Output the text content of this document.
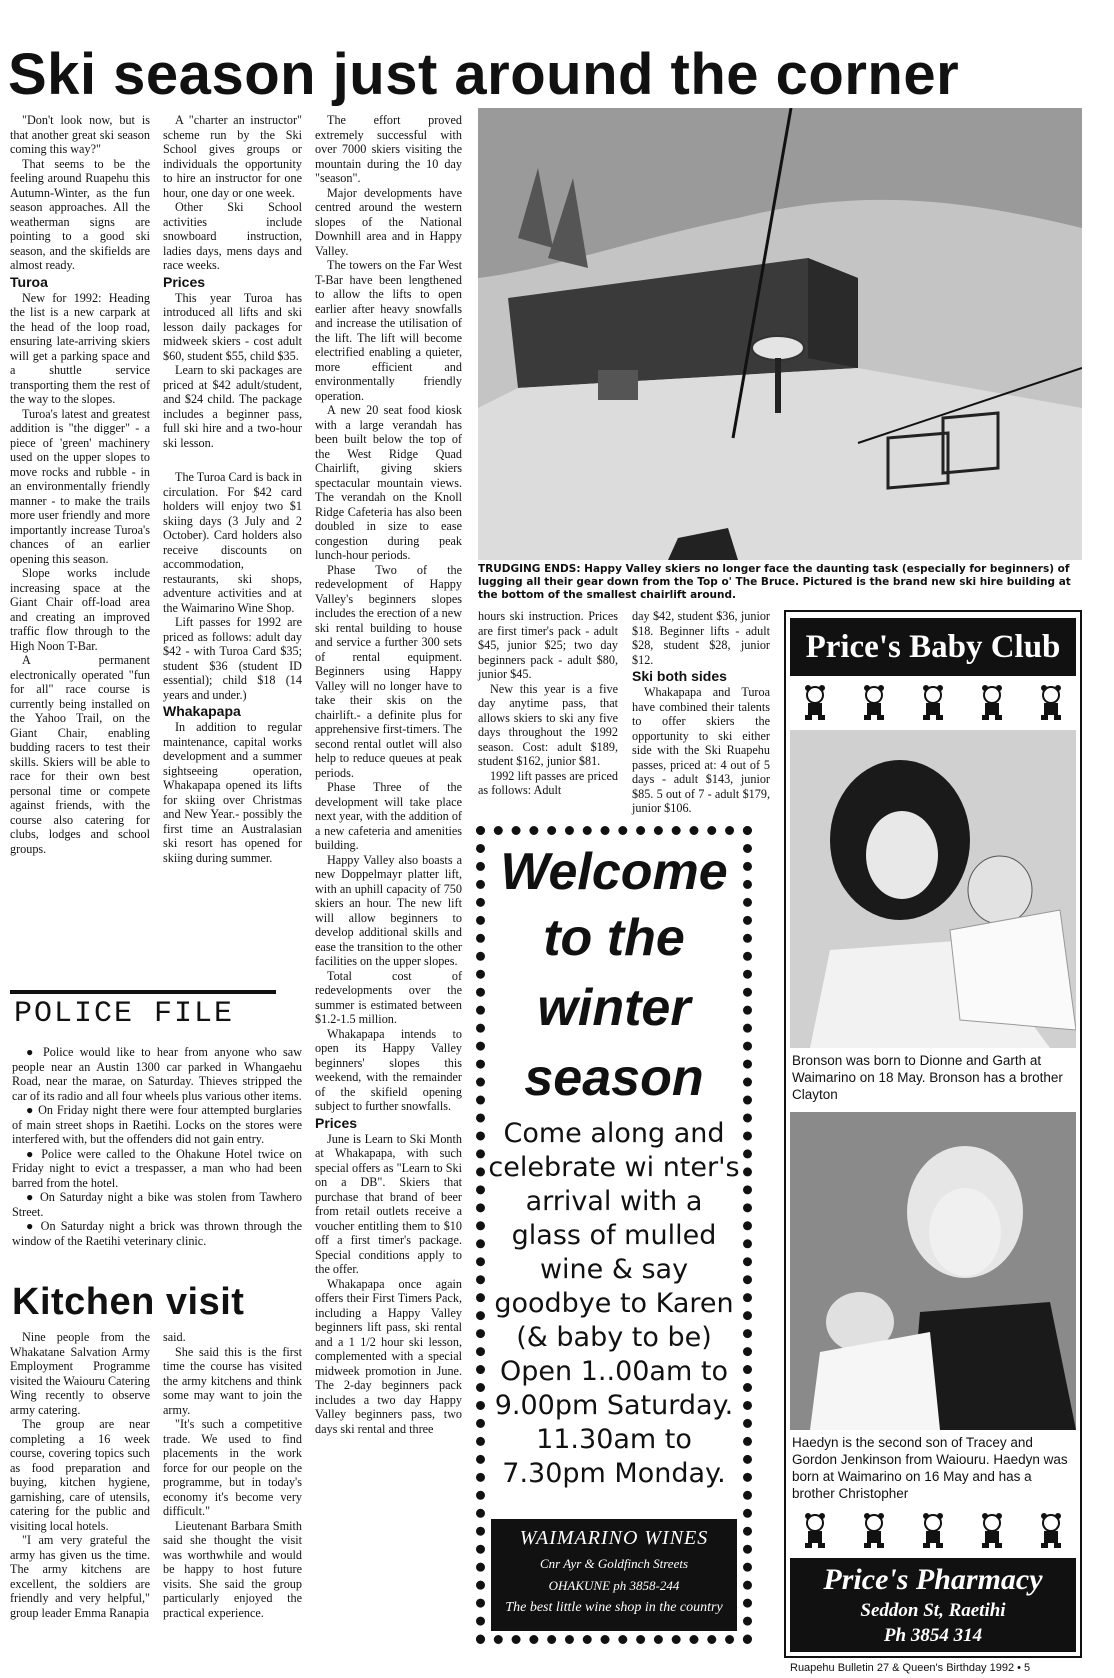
Ski season just around the corner

"Don't look now, but is that another great ski season coming this way?"

That seems to be the feeling around Ruapehu this Autumn-Winter, as the fun season approaches. All the weatherman signs are pointing to a good ski season, and the skifields are almost ready.

Turoa

New for 1992: Heading the list is a new carpark at the head of the loop road, ensuring late-arriving skiers will get a parking space and a shuttle service transporting them the rest of the way to the slopes.

Turoa's latest and greatest addition is "the digger" - a piece of 'green' machinery used on the upper slopes to move rocks and rubble - in an environmentally friendly manner - to make the trails more user friendly and more importantly increase Turoa's chances of an earlier opening this season.

Slope works include increasing space at the Giant Chair off-load area and creating an improved traffic flow through to the High Noon T-Bar.

A permanent electronically operated "fun for all" race course is currently being installed on the Yahoo Trail, on the Giant Chair, enabling budding racers to test their skills. Skiers will be able to race for their own best personal time or compete against friends, with the course also catering for clubs, lodges and school groups.

A "charter an instructor" scheme run by the Ski School gives groups or individuals the opportunity to hire an instructor for one hour, one day or one week.

Other Ski School activities include snowboard instruction, ladies days, mens days and race weeks.

Prices

This year Turoa has introduced all lifts and ski lesson daily packages for midweek skiers - cost adult $60, student $55, child $35.

Learn to ski packages are priced at $42 adult/student, and $24 child. The package includes a beginner pass, full ski hire and a two-hour ski lesson.

The Turoa Card is back in circulation. For $42 card holders will enjoy two $1 skiing days (3 July and 2 October). Card holders also receive discounts on accommodation, restaurants, ski shops, adventure activities and at the Waimarino Wine Shop.

Lift passes for 1992 are priced as follows: adult day $42 - with Turoa Card $35; student $36 (student ID essential); child $18 (14 years and under.)

Whakapapa

In addition to regular maintenance, capital works development and a summer sightseeing operation, Whakapapa opened its lifts for skiing over Christmas and New Year.- possibly the first time an Australasian ski resort has opened for skiing during summer.

The effort proved extremely successful with over 7000 skiers visiting the mountain during the 10 day "season".

Major developments have centred around the western slopes of the National Downhill area and in Happy Valley.

The towers on the Far West T-Bar have been lengthened to allow the lifts to open earlier after heavy snowfalls and increase the utilisation of the lift. The lift will become electrified enabling a quieter, more efficient and environmentally friendly operation.

A new 20 seat food kiosk with a large verandah has been built below the top of the West Ridge Quad Chairlift, giving skiers spectacular mountain views. The verandah on the Knoll Ridge Cafeteria has also been doubled in size to ease congestion during peak lunch-hour periods.

Phase Two of the redevelopment of Happy Valley's beginners slopes includes the erection of a new ski rental building to house and service a further 300 sets of rental equipment. Beginners using Happy Valley will no longer have to take their skis on the chairlift.- a definite plus for apprehensive first-timers. The second rental outlet will also help to reduce queues at peak periods.

Phase Three of the development will take place next year, with the addition of a new cafeteria and amenities building.

Happy Valley also boasts a new Doppelmayr platter lift, with an uphill capacity of 750 skiers an hour. The new lift will allow beginners to develop additional skills and ease the transition to the other facilities on the upper slopes.

Total cost of redevelopments over the summer is estimated between $1.2-1.5 million.

Whakapapa intends to open its Happy Valley beginners' slopes this weekend, with the remainder of the skifield opening subject to further snowfalls.

Prices

June is Learn to Ski Month at Whakapapa, with such special offers as "Learn to Ski on a DB". Skiers that purchase that brand of beer from retail outlets receive a voucher entitling them to $10 off a first timer's package. Special conditions apply to the offer.

Whakapapa once again offers their First Timers Pack, including a Happy Valley beginners lift pass, ski rental and a 1 1/2 hour ski lesson, complemented with a special midweek promotion in June. The 2-day beginners pack includes a two day Happy Valley beginners pass, two days ski rental and three

TRUDGING ENDS: Happy Valley skiers no longer face the daunting task (especially for beginners) of lugging all their gear down from the Top o' The Bruce. Pictured is the brand new ski hire building at the bottom of the smallest chairlift around.

hours ski instruction. Prices are first timer's pack - adult $45, junior $25; two day beginners pack - adult $80, junior $45.

New this year is a five day anytime pass, that allows skiers to ski any five days throughout the 1992 season. Cost: adult $189, student $162, junior $81.

1992 lift passes are priced as follows: Adult

day $42, student $36, junior $18. Beginner lifts - adult $28, student $28, junior $12.

Ski both sides

Whakapapa and Turoa have combined their talents to offer skiers the opportunity to ski either side with the Ski Ruapehu passes, priced at: 4 out of 5 days - adult $143, junior $85. 5 out of 7 - adult $179, junior $106.

POLICE FILE

● Police would like to hear from anyone who saw people near an Austin 1300 car parked in Whangaehu Road, near the marae, on Saturday. Thieves stripped the car of its radio and all four wheels plus various other items.

● On Friday night there were four attempted burglaries of main street shops in Raetihi. Locks on the stores were interfered with, but the offenders did not gain entry.

● Police were called to the Ohakune Hotel twice on Friday night to evict a trespasser, a man who had been barred from the hotel.

● On Saturday night a bike was stolen from Tawhero Street.

● On Saturday night a brick was thrown through the window of the Raetihi veterinary clinic.

Kitchen visit

Nine people from the Whakatane Salvation Army Employment Programme visited the Waiouru Catering Wing recently to observe army catering.

The group are near completing a 16 week course, covering topics such as food preparation and buying, kitchen hygiene, garnishing, care of utensils, catering for the public and visiting local hotels.

"I am very grateful the army has given us the time. The army kitchens are excellent, the soldiers are friendly and very helpful," group leader Emma Ranapia

said.

She said this is the first time the course has visited the army kitchens and think some may want to join the army.

"It's such a competitive trade. We used to find placements in the work force for our people on the programme, but in today's economy it's become very difficult."

Lieutenant Barbara Smith said she thought the visit was worthwhile and would be happy to host future visits. She said the group particularly enjoyed the practical experience.

Welcome
to the
winter
season
Come along and celebrate wi nter's arrival with a glass of mulled wine & say goodbye to Karen (& baby to be) Open 1..00am to 9.00pm Saturday. 11.30am to 7.30pm Monday.
WAIMARINO WINES
Cnr Ayr & Goldfinch Streets
OHAKUNE ph 3858-244
The best little wine shop in the country
Price's Baby Club
Bronson was born to Dionne and Garth at Waimarino on 18 May. Bronson has a brother Clayton
Haedyn is the second son of Tracey and Gordon Jenkinson from Waiouru. Haedyn was born at Waimarino on 16 May and has a brother Christopher
Price's Pharmacy
Seddon St, Raetihi
Ph 3854 314
Ruapehu Bulletin 27 & Queen's Birthday 1992 • 5
